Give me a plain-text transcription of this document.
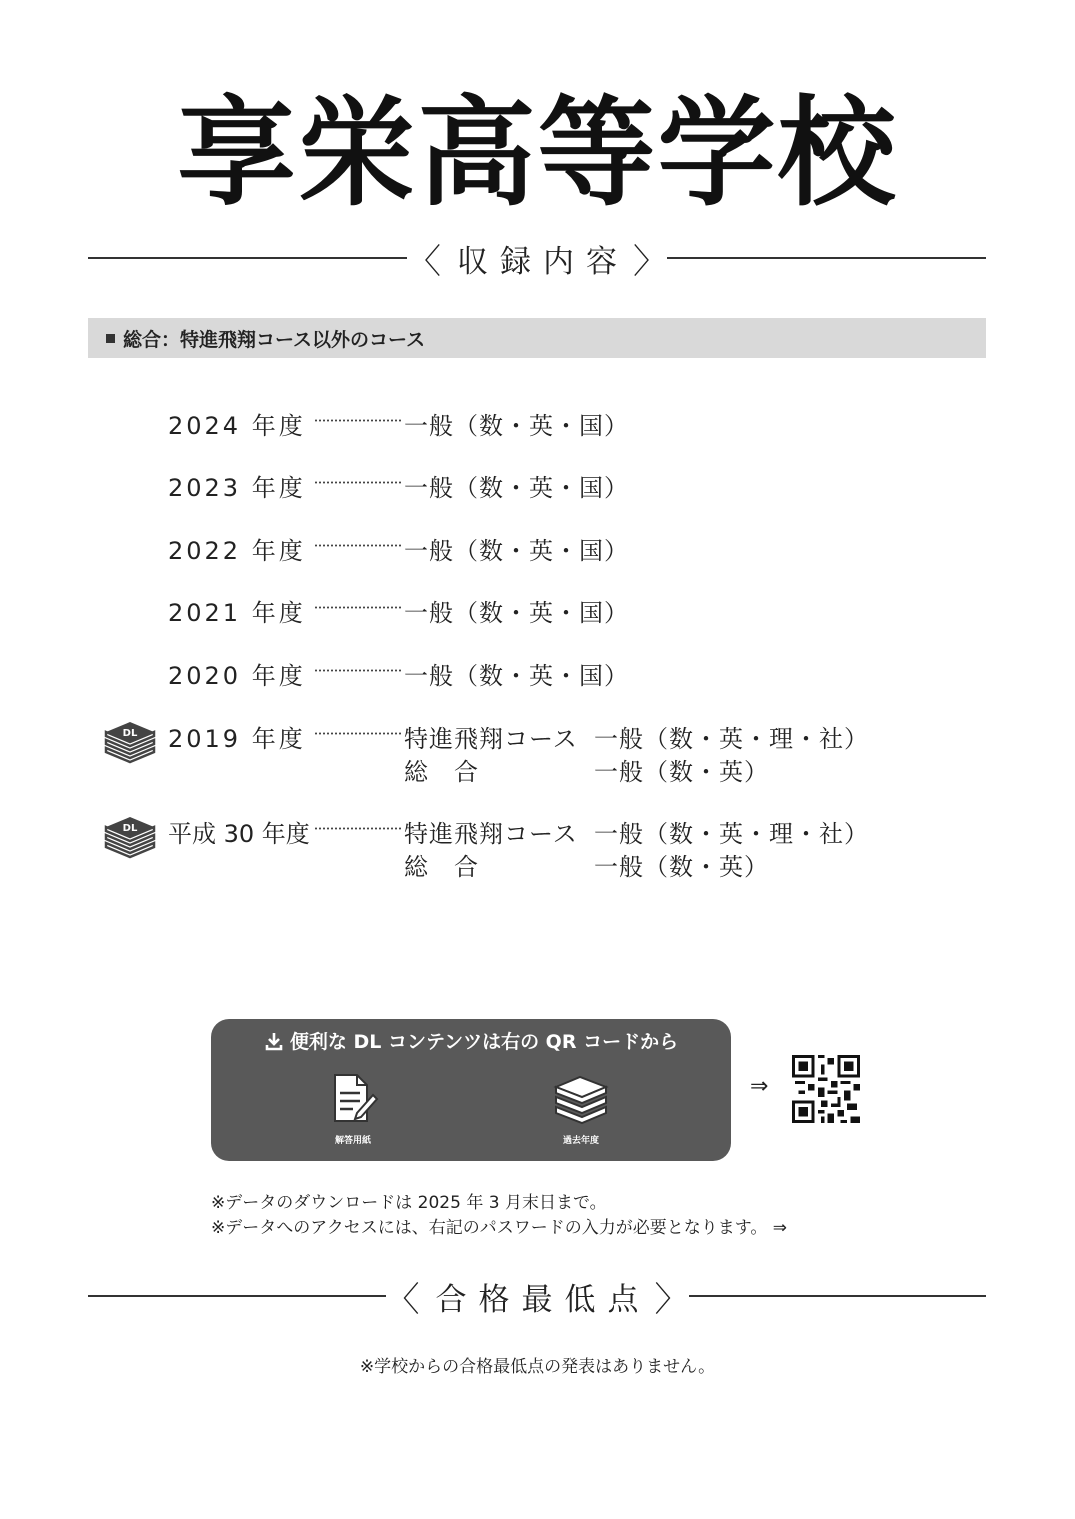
享栄高等学校
〈 収録内容 〉
総合：特進飛翔コース以外のコース
2024 年度	一般（数・英・国）
2023 年度	一般（数・英・国）
2022 年度	一般（数・英・国）
2021 年度	一般（数・英・国）
2020 年度	一般（数・英・国）
DL 2019 年度	特進飛翔コース 一般（数・英・理・社）
総　合	一般（数・英）
DL 平成 30 年度	特進飛翔コース 一般（数・英・理・社）
総　合	一般（数・英）
便利な DL コンテンツは右の QR コードから
解答用紙	過去年度
⇒
※データのダウンロードは 2025 年 3 月末日まで。
※データへのアクセスには、右記のパスワードの入力が必要となります。 ⇒
〈 合格最低点 〉
※学校からの合格最低点の発表はありません。
